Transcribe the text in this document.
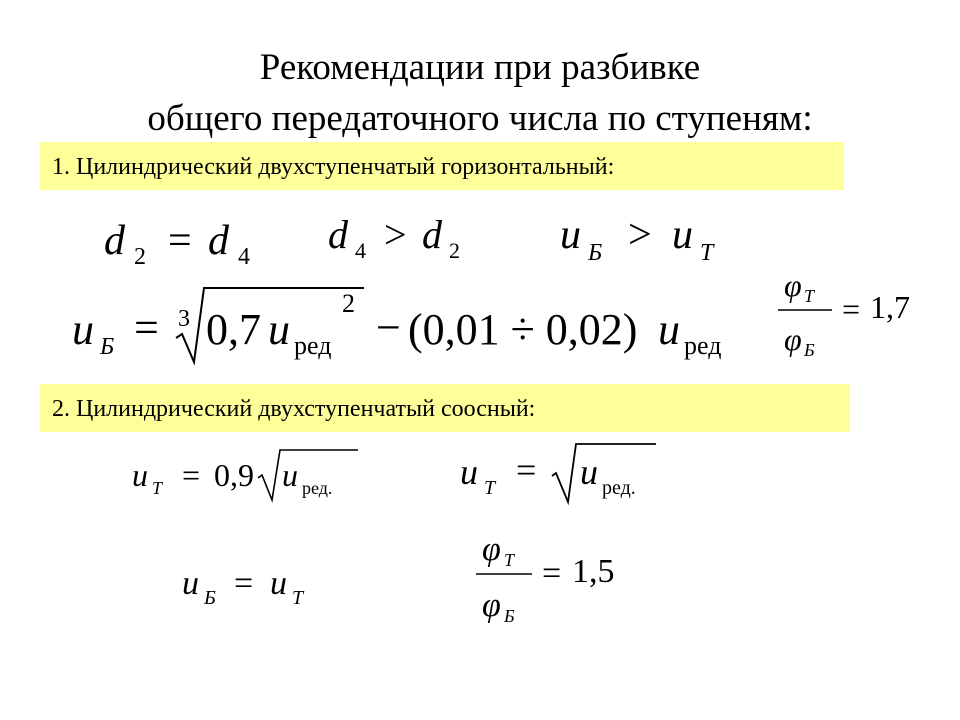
Рекомендации при разбивке
общего передаточного числа по ступеням:
1. Цилиндрический двухступенчатый горизонтальный:
d 2 = d 4 d 4 > d 2 u Б > u T
u Б = 3 0,7 u ред
2 − (0,01 ÷ 0,02) u ред
φ T
φ Б
= 1,7
2. Цилиндрический двухступенчатый соосный:
u T = 0,9 u ред.	u T = u ред.
u Б = u T
φ T
φ Б
= 1,5
